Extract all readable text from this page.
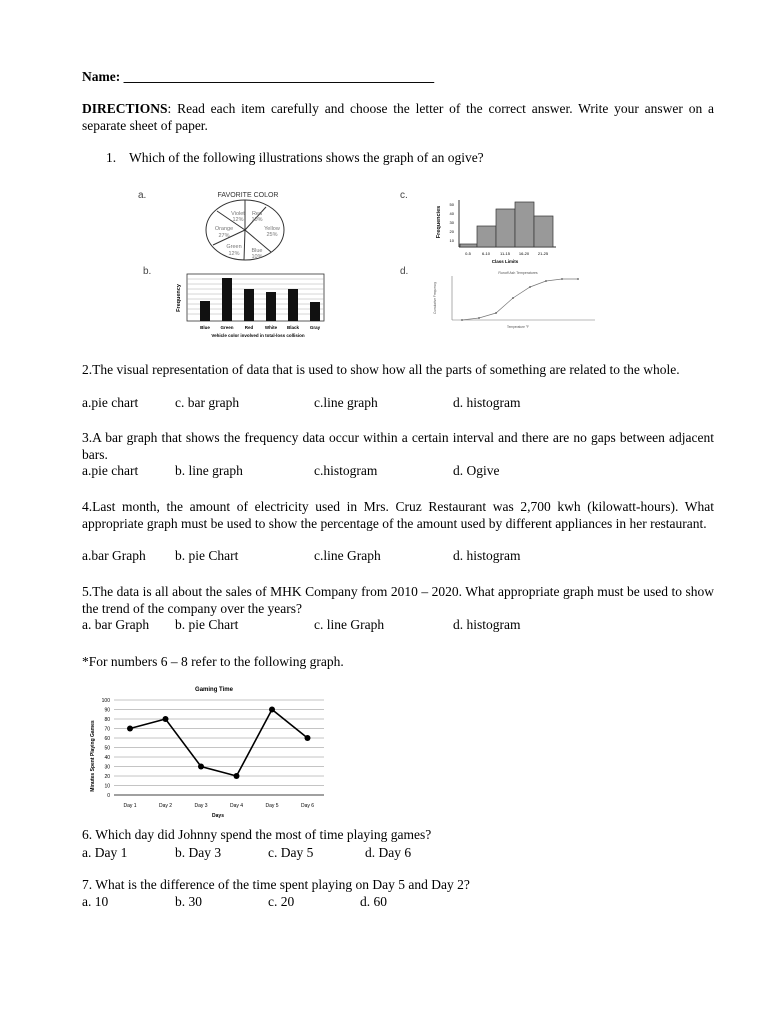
Name: ______________________________________________
DIRECTIONS: Read each item carefully and choose the letter of the correct answer. Write your answer on a separate sheet of paper.
1. Which of the following illustrations shows the graph of an ogive?
a.
b.
c.
d.
FAVORITE COLOR
Violet
12%
Red
10%
Yellow
25%
Blue
10%
Green
12%
Orange
27%
Frequency
Blue Green Red	White Black Gray
Vehicle color involved in total-loss collision
Frequencies
50
40
30
20
10
0-5	6-10	11-15 16-20 21-25
Class Limits
Runoff Ash Temperatures
Cumulative Frequency
Temperature °F
2.The visual representation of data that is used to show how all the parts of something are related to the whole.
a.pie chart	c. bar graph	c.line graph	d. histogram
3.A bar graph that shows the frequency data occur within a certain interval and there are no gaps between adjacent bars.
a.pie chart	b. line graph	c.histogram	d. Ogive
4.Last month, the amount of electricity used in Mrs. Cruz Restaurant was 2,700 kwh (kilowatt-hours). What appropriate graph must be used to show the percentage of the amount used by different appliances in her restaurant.
a.bar Graph b. pie Chart	c.line Graph	d. histogram
5.The data is all about the sales of MHK Company from 2010 – 2020. What appropriate graph must be used to show the trend of the company over the years?
a. bar Graph b. pie Chart	c. line Graph	d. histogram
*For numbers 6 – 8 refer to the following graph.
Gaming Time
Minutes Spent Playing Games
Days
0
10
20
30
40
50
60
70
80
90
100
Day 1	Day 2	Day 3	Day 4	Day 5	Day 6
6. Which day did Johnny spend the most of time playing games?
a. Day 1	b. Day 3	c. Day 5	d. Day 6
7. What is the difference of the time spent playing on Day 5 and Day 2?
a. 10	b. 30	c. 20	d. 60
